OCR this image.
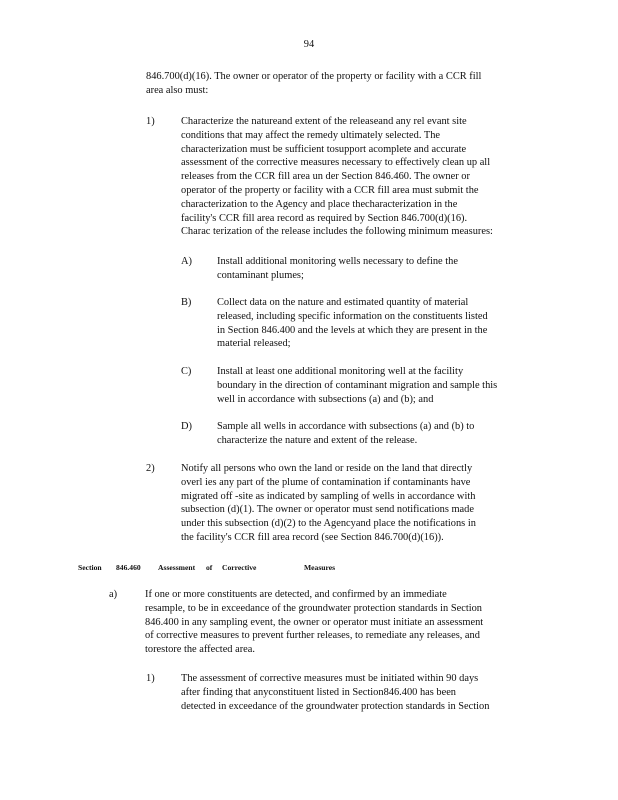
94
846.700(d)(16). The owner or operator of the property or facility with a CCR fill
area also must:
1)	Characterize the natureand extent of the releaseand any rel evant site
conditions that may affect the remedy ultimately selected. The
characterization must be sufficient tosupport acomplete and accurate
assessment of the corrective measures necessary to effectively clean up all
releases from the CCR fill area un der Section 846.460. The owner or
operator of the property or facility with a CCR fill area must submit the
characterization to the Agency and place thecharacterization in the
facility's CCR fill area record as required by Section 846.700(d)(16).
Charac terization of the release includes the following minimum measures:
A) Install additional monitoring wells necessary to define the
contaminant plumes;
B) Collect data on the nature and estimated quantity of material
released, including specific information on the constituents listed
in Section 846.400 and the levels at which they are present in the
material released;
C) Install at least one additional monitoring well at the facility
boundary in the direction of contaminant migration and sample this
well in accordance with subsections (a) and (b); and
D) Sample all wells in accordance with subsections (a) and (b) to
characterize the nature and extent of the release.
2)	Notify all persons who own the land or reside on the land that directly
overl ies any part of the plume of contamination if contaminants have
migrated off -site as indicated by sampling of wells in accordance with
subsection (d)(1). The owner or operator must send notifications made
under this subsection (d)(2) to the Agencyand place the notifications in
the facility's CCR fill area record (see Section 846.700(d)(16)).
Section 846.460 Assessment of Corrective	Measures
a)	If one or more constituents are detected, and confirmed by an immediate
resample, to be in exceedance of the groundwater protection standards in Section
846.400 in any sampling event, the owner or operator must initiate an assessment
of corrective measures to prevent further releases, to remediate any releases, and
torestore the affected area.
1)	The assessment of corrective measures must be initiated within 90 days
after finding that anyconstituent listed in Section846.400 has been
detected in exceedance of the groundwater protection standards in Section
